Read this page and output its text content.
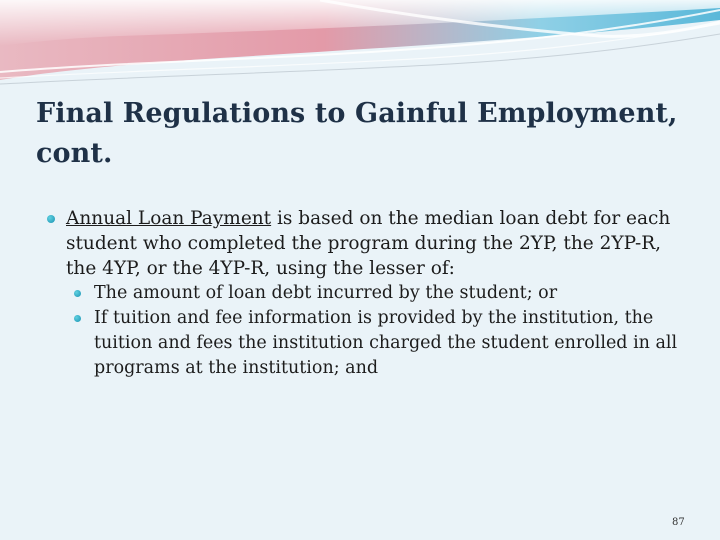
Final Regulations to Gainful Employment, cont.
Annual Loan Payment is based on the median loan debt for each student who completed the program during the 2YP, the 2YP-R, the 4YP, or the 4YP-R, using the lesser of:
The amount of loan debt incurred by the student; or
If tuition and fee information is provided by the institution, the tuition and fees the institution charged the student enrolled in all programs at the institution; and
87
